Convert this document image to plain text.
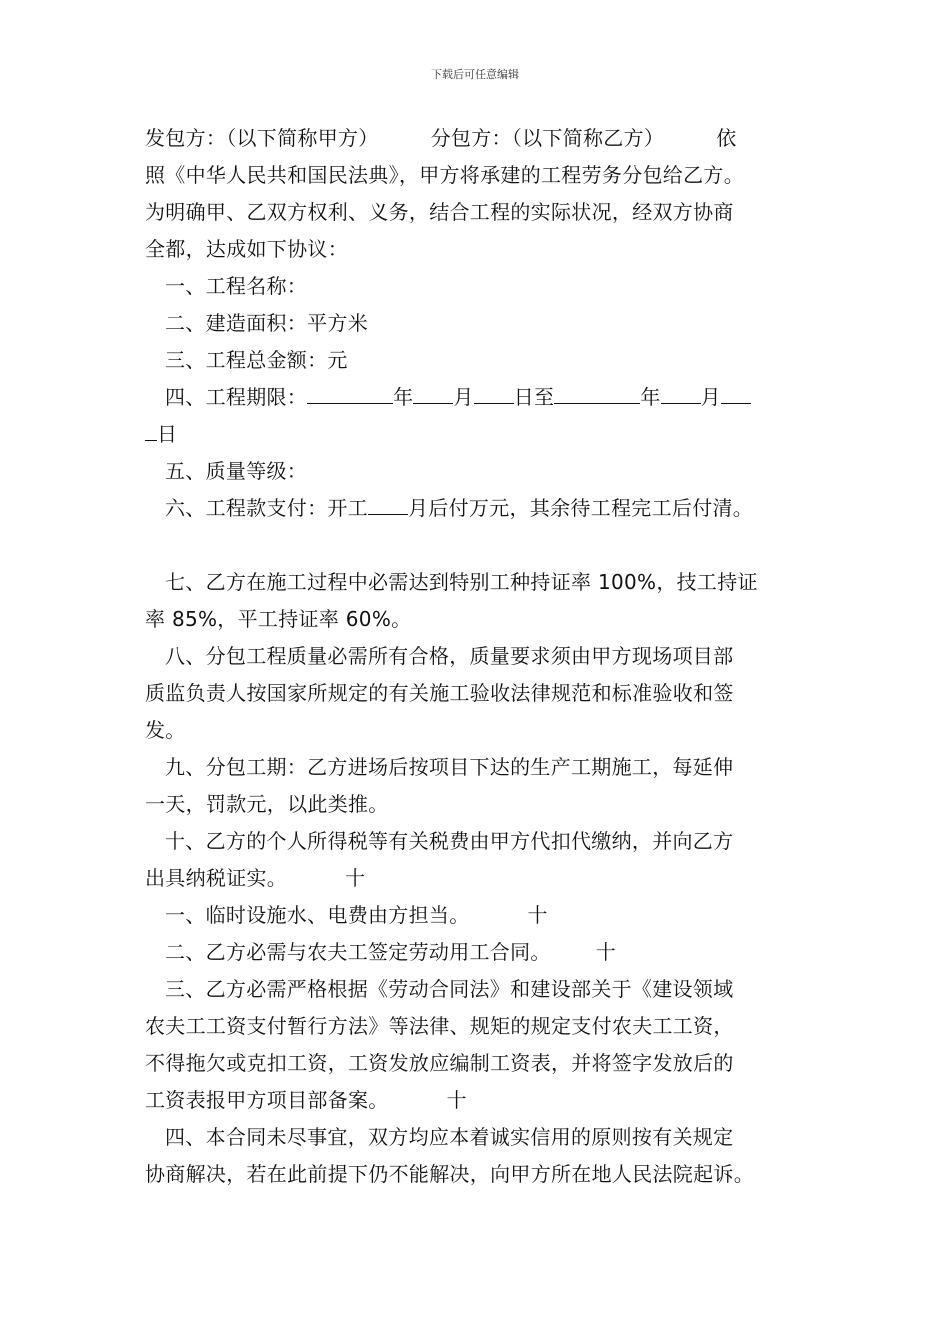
下载后可任意编辑
发包方：（以下简称甲方）	分包方：（以下简称乙方）	依
照《中华人民共和国民法典》，甲方将承建的工程劳务分包给乙方。
为明确甲、乙双方权利、义务，结合工程的实际状况，经双方协商
全都，达成如下协议：
一、工程名称：
二、建造面积：平方米
三、工程总金额：元
四、工程期限：	年 月 日至	年 月
日
五、质量等级：
六、工程款支付：开工 月后付万元，其余待工程完工后付清。
七、乙方在施工过程中必需达到特别工种持证率 100%，技工持证
率 85%，平工持证率 60%。
八、分包工程质量必需所有合格，质量要求须由甲方现场项目部
质监负责人按国家所规定的有关施工验收法律规范和标准验收和签
发。
九、分包工期：乙方进场后按项目下达的生产工期施工，每延伸
一天，罚款元，以此类推。
十、乙方的个人所得税等有关税费由甲方代扣代缴纳，并向乙方
出具纳税证实。	十
一、临时设施水、电费由方担当。	十
二、乙方必需与农夫工签定劳动用工合同。 十
三、乙方必需严格根据《劳动合同法》和建设部关于《建设领域
农夫工工资支付暂行方法》等法律、规矩的规定支付农夫工工资，
不得拖欠或克扣工资，工资发放应编制工资表，并将签字发放后的
工资表报甲方项目部备案。	十
四、本合同未尽事宜，双方均应本着诚实信用的原则按有关规定
协商解决，若在此前提下仍不能解决，向甲方所在地人民法院起诉。
